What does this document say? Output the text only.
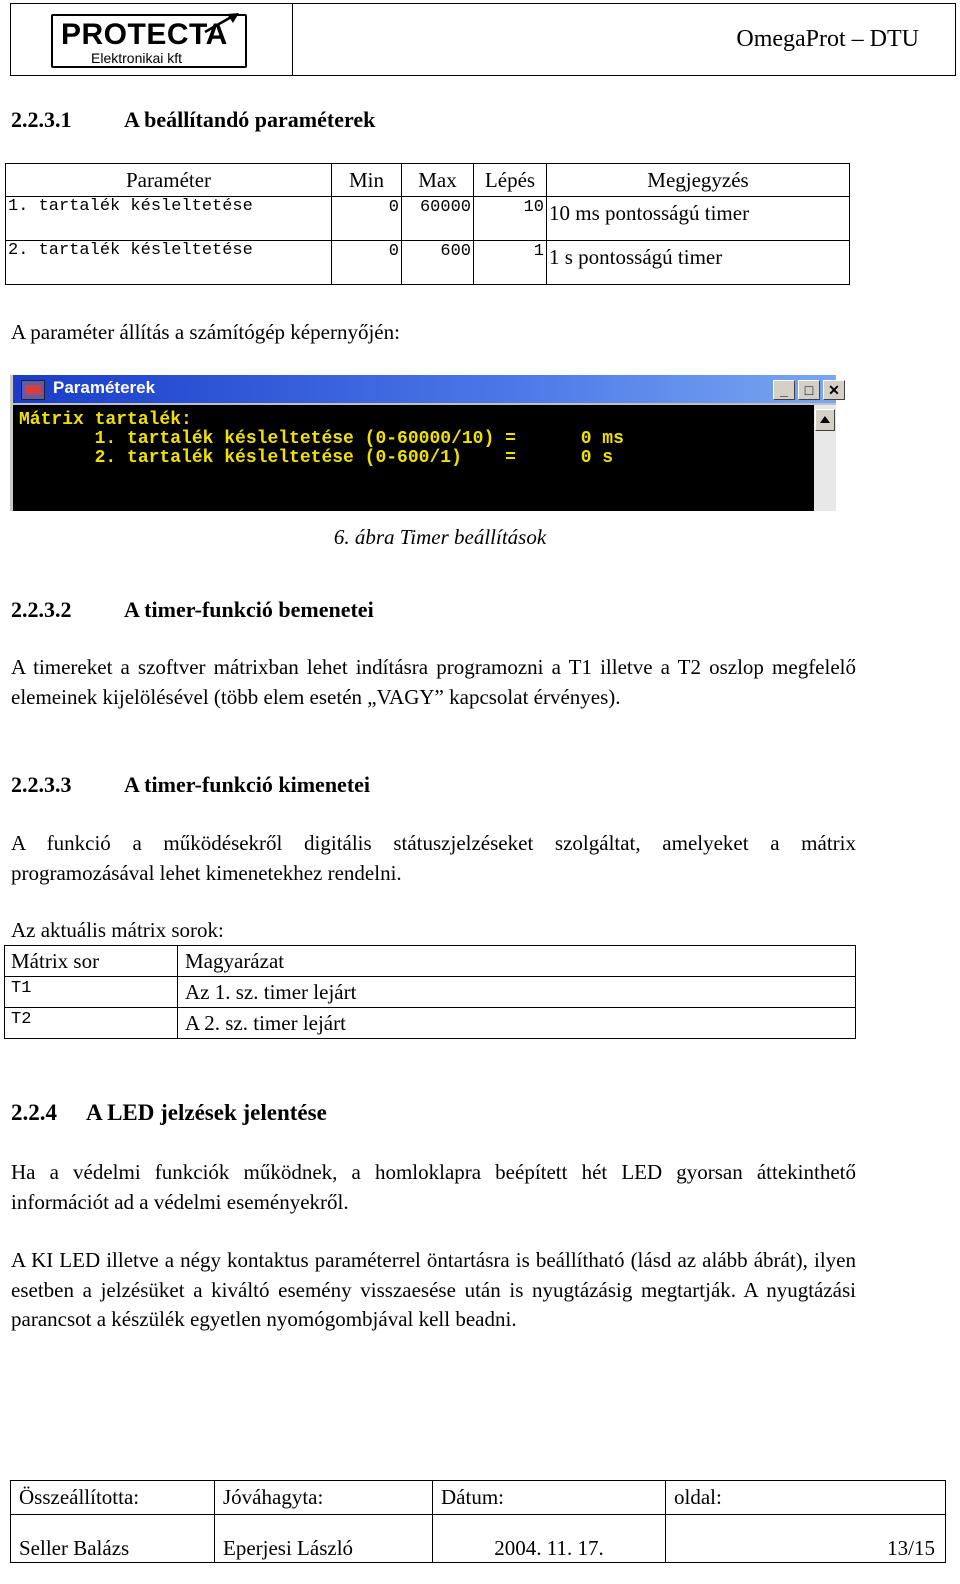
PROTECTA
Elektronikai kft
OmegaProt – DTU
2.2.3.1 A beállítandó paraméterek
Paraméter	Min	Max	Lépés	Megjegyzés
1. tartalék késleltetése	0	60000	10	10 ms pontosságú timer
2. tartalék késleltetése	0	600	1	1 s pontosságú timer

A paraméter állítás a számítógép képernyőjén:

Paraméterek	_	□	✕
Mátrix tartalék:
1. tartalék késleltetése (0-60000/10) =      0 ms
2. tartalék késleltetése (0-600/1)    =      0 s
6. ábra Timer beállítások
2.2.3.2 A timer-funkció bemenetei

A timereket a szoftver mátrixban lehet indításra programozni a T1 illetve a T2 oszlop megfelelő elemeinek kijelölésével (több elem esetén „VAGY” kapcsolat érvényes).

2.2.3.3 A timer-funkció kimenetei

A funkció a működésekről digitális státuszjelzéseket szolgáltat, amelyeket a mátrix programozásával lehet kimenetekhez rendelni.

Az aktuális mátrix sorok:

Mátrix sor	Magyarázat
T1	Az 1. sz. timer lejárt
T2	A 2. sz. timer lejárt
2.2.4 A LED jelzések jelentése

Ha a védelmi funkciók működnek, a homloklapra beépített hét LED gyorsan áttekinthető információt ad a védelmi eseményekről.

A KI LED illetve a négy kontaktus paraméterrel öntartásra is beállítható (lásd az alább ábrát), ilyen esetben a jelzésüket a kiváltó esemény visszaesése után is nyugtázásig megtartják. A nyugtázási parancsot a készülék egyetlen nyomógombjával kell beadni.

Összeállította:	Jóváhagyta:	Dátum:	oldal:
Seller Balázs	Eperjesi László	2004. 11. 17.	13/15
